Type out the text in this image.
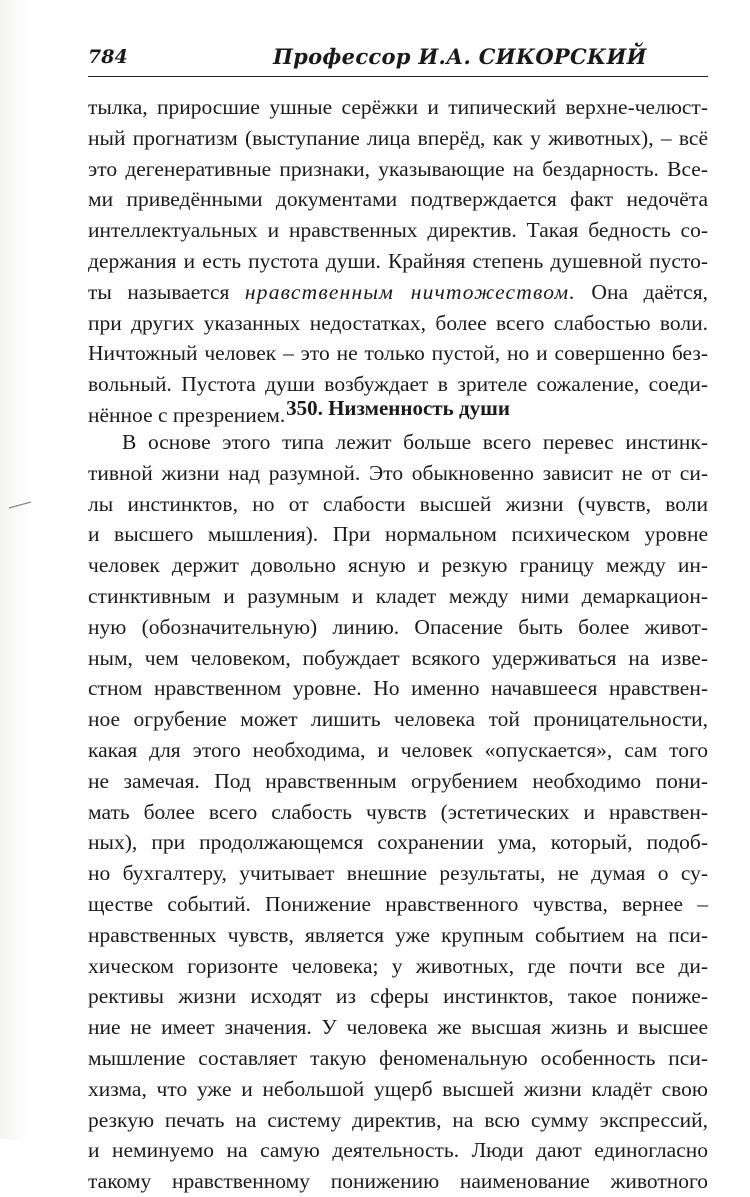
784	Профессор И.А. СИКОРСКИЙ
тылка, приросшие ушные серёжки и типический верхне-челюст-
ный прогнатизм (выступание лица вперёд, как у животных), – всё
это дегенеративные признаки, указывающие на бездарность. Все-
ми приведёнными документами подтверждается факт недочёта
интеллектуальных и нравственных директив. Такая бедность со-
держания и есть пустота души. Крайняя степень душевной пусто-
ты называется нравственным ничтожеством. Она даётся,
при других указанных недостатках, более всего слабостью воли.
Ничтожный человек – это не только пустой, но и совершенно без-
вольный. Пустота души возбуждает в зрителе сожаление, соеди-
нённое с презрением. 350. Низменность души
В основе этого типа лежит больше всего перевес инстинк-
тивной жизни над разумной. Это обыкновенно зависит не от си-
лы инстинктов, но от слабости высшей жизни (чувств, воли
и высшего мышления). При нормальном психическом уровне
человек держит довольно ясную и резкую границу между ин-
стинктивным и разумным и кладет между ними демаркацион-
ную (обозначительную) линию. Опасение быть более живот-
ным, чем человеком, побуждает всякого удерживаться на изве-
стном нравственном уровне. Но именно начавшееся нравствен-
ное огрубение может лишить человека той проницательности,
какая для этого необходима, и человек «опускается», сам того
не замечая. Под нравственным огрубением необходимо пони-
мать более всего слабость чувств (эстетических и нравствен-
ных), при продолжающемся сохранении ума, который, подоб-
но бухгалтеру, учитывает внешние результаты, не думая о су-
ществе событий. Понижение нравственного чувства, вернее –
нравственных чувств, является уже крупным событием на пси-
хическом горизонте человека; у животных, где почти все ди-
рективы жизни исходят из сферы инстинктов, такое пониже-
ние не имеет значения. У человека же высшая жизнь и высшее
мышление составляет такую феноменальную особенность пси-
хизма, что уже и небольшой ущерб высшей жизни кладёт свою
резкую печать на систему директив, на всю сумму экспрессий,
и неминуемо на самую деятельность. Люди дают единогласно
такому нравственному понижению наименование животного
